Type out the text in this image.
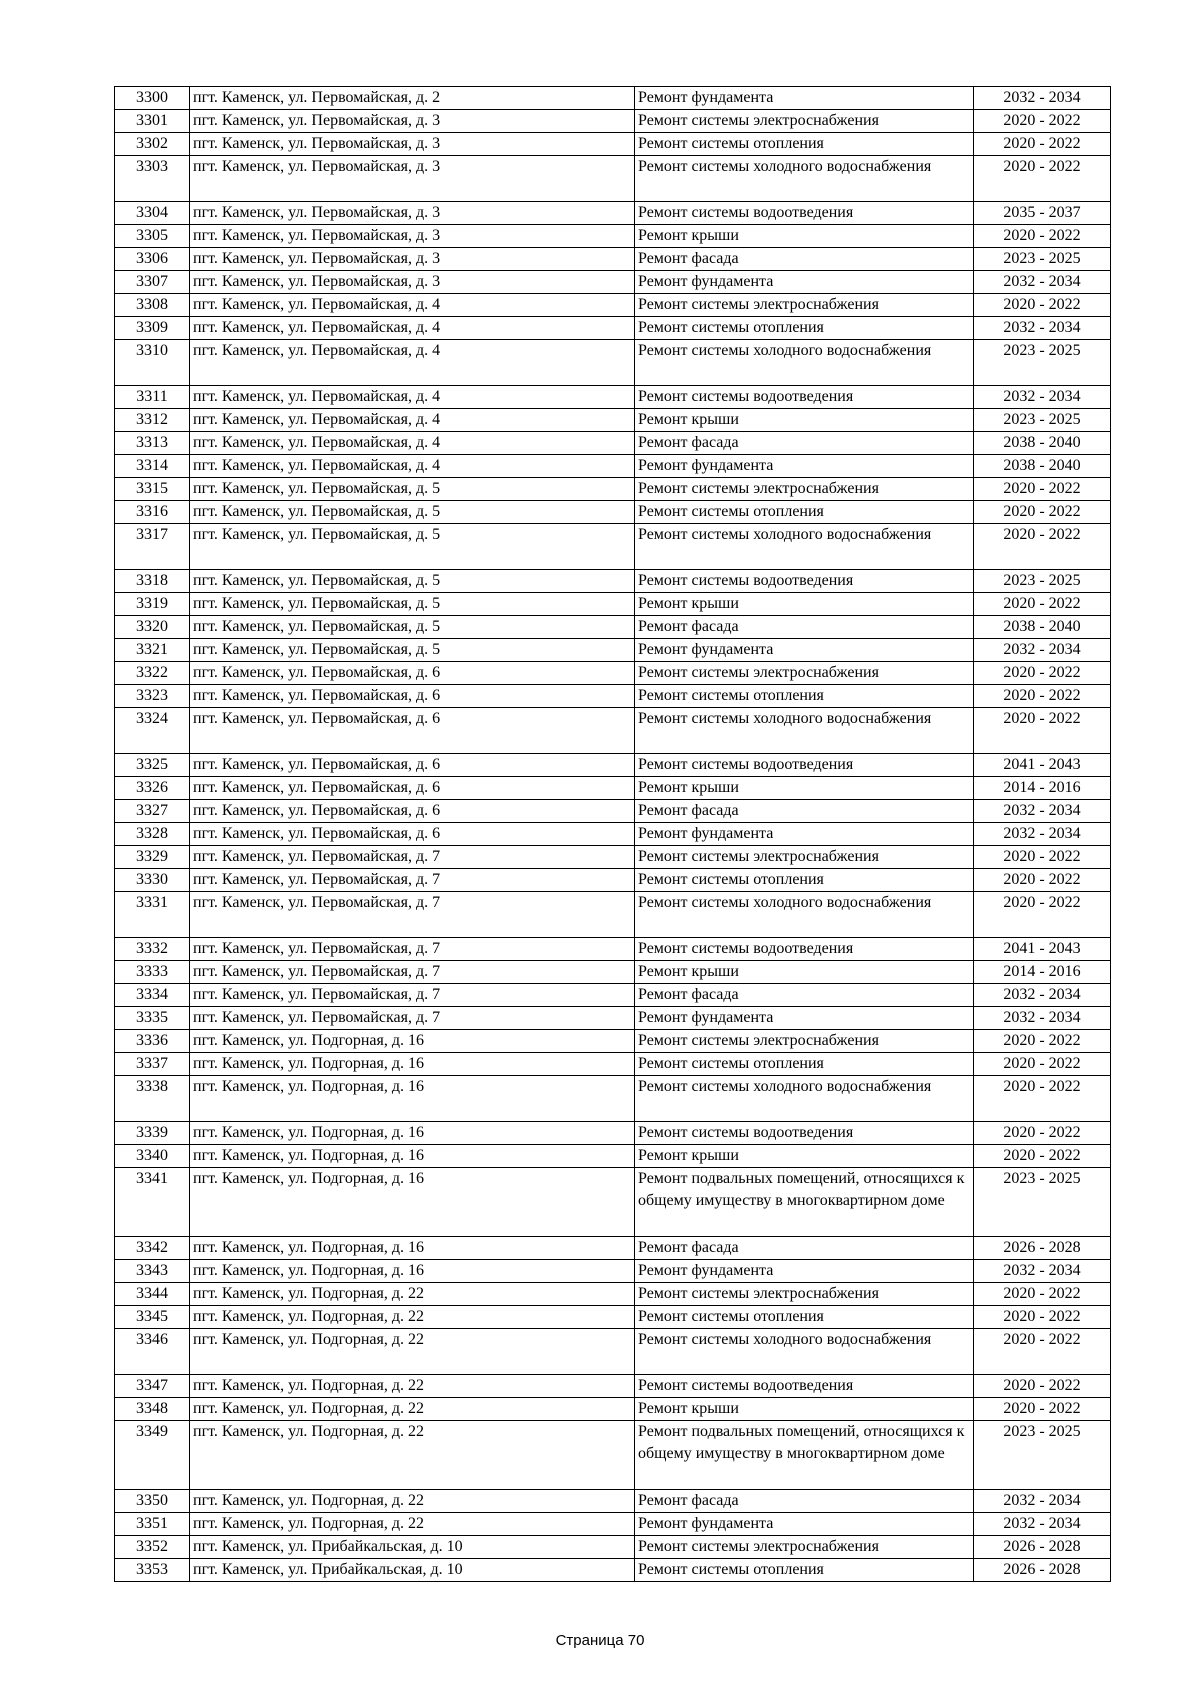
3300	пгт. Каменск, ул. Первомайская, д. 2	Ремонт фундамента	2032 - 2034
3301	пгт. Каменск, ул. Первомайская, д. 3	Ремонт системы электроснабжения	2020 - 2022
3302	пгт. Каменск, ул. Первомайская, д. 3	Ремонт системы отопления	2020 - 2022
3303	пгт. Каменск, ул. Первомайская, д. 3	Ремонт системы холодного водоснабжения	2020 - 2022
3304	пгт. Каменск, ул. Первомайская, д. 3	Ремонт системы водоотведения	2035 - 2037
3305	пгт. Каменск, ул. Первомайская, д. 3	Ремонт крыши	2020 - 2022
3306	пгт. Каменск, ул. Первомайская, д. 3	Ремонт фасада	2023 - 2025
3307	пгт. Каменск, ул. Первомайская, д. 3	Ремонт фундамента	2032 - 2034
3308	пгт. Каменск, ул. Первомайская, д. 4	Ремонт системы электроснабжения	2020 - 2022
3309	пгт. Каменск, ул. Первомайская, д. 4	Ремонт системы отопления	2032 - 2034
3310	пгт. Каменск, ул. Первомайская, д. 4	Ремонт системы холодного водоснабжения	2023 - 2025
3311	пгт. Каменск, ул. Первомайская, д. 4	Ремонт системы водоотведения	2032 - 2034
3312	пгт. Каменск, ул. Первомайская, д. 4	Ремонт крыши	2023 - 2025
3313	пгт. Каменск, ул. Первомайская, д. 4	Ремонт фасада	2038 - 2040
3314	пгт. Каменск, ул. Первомайская, д. 4	Ремонт фундамента	2038 - 2040
3315	пгт. Каменск, ул. Первомайская, д. 5	Ремонт системы электроснабжения	2020 - 2022
3316	пгт. Каменск, ул. Первомайская, д. 5	Ремонт системы отопления	2020 - 2022
3317	пгт. Каменск, ул. Первомайская, д. 5	Ремонт системы холодного водоснабжения	2020 - 2022
3318	пгт. Каменск, ул. Первомайская, д. 5	Ремонт системы водоотведения	2023 - 2025
3319	пгт. Каменск, ул. Первомайская, д. 5	Ремонт крыши	2020 - 2022
3320	пгт. Каменск, ул. Первомайская, д. 5	Ремонт фасада	2038 - 2040
3321	пгт. Каменск, ул. Первомайская, д. 5	Ремонт фундамента	2032 - 2034
3322	пгт. Каменск, ул. Первомайская, д. 6	Ремонт системы электроснабжения	2020 - 2022
3323	пгт. Каменск, ул. Первомайская, д. 6	Ремонт системы отопления	2020 - 2022
3324	пгт. Каменск, ул. Первомайская, д. 6	Ремонт системы холодного водоснабжения	2020 - 2022
3325	пгт. Каменск, ул. Первомайская, д. 6	Ремонт системы водоотведения	2041 - 2043
3326	пгт. Каменск, ул. Первомайская, д. 6	Ремонт крыши	2014 - 2016
3327	пгт. Каменск, ул. Первомайская, д. 6	Ремонт фасада	2032 - 2034
3328	пгт. Каменск, ул. Первомайская, д. 6	Ремонт фундамента	2032 - 2034
3329	пгт. Каменск, ул. Первомайская, д. 7	Ремонт системы электроснабжения	2020 - 2022
3330	пгт. Каменск, ул. Первомайская, д. 7	Ремонт системы отопления	2020 - 2022
3331	пгт. Каменск, ул. Первомайская, д. 7	Ремонт системы холодного водоснабжения	2020 - 2022
3332	пгт. Каменск, ул. Первомайская, д. 7	Ремонт системы водоотведения	2041 - 2043
3333	пгт. Каменск, ул. Первомайская, д. 7	Ремонт крыши	2014 - 2016
3334	пгт. Каменск, ул. Первомайская, д. 7	Ремонт фасада	2032 - 2034
3335	пгт. Каменск, ул. Первомайская, д. 7	Ремонт фундамента	2032 - 2034
3336	пгт. Каменск, ул. Подгорная, д. 16	Ремонт системы электроснабжения	2020 - 2022
3337	пгт. Каменск, ул. Подгорная, д. 16	Ремонт системы отопления	2020 - 2022
3338	пгт. Каменск, ул. Подгорная, д. 16	Ремонт системы холодного водоснабжения	2020 - 2022
3339	пгт. Каменск, ул. Подгорная, д. 16	Ремонт системы водоотведения	2020 - 2022
3340	пгт. Каменск, ул. Подгорная, д. 16	Ремонт крыши	2020 - 2022
3341	пгт. Каменск, ул. Подгорная, д. 16	Ремонт подвальных помещений, относящихся к общему имуществу в многоквартирном доме	2023 - 2025
3342	пгт. Каменск, ул. Подгорная, д. 16	Ремонт фасада	2026 - 2028
3343	пгт. Каменск, ул. Подгорная, д. 16	Ремонт фундамента	2032 - 2034
3344	пгт. Каменск, ул. Подгорная, д. 22	Ремонт системы электроснабжения	2020 - 2022
3345	пгт. Каменск, ул. Подгорная, д. 22	Ремонт системы отопления	2020 - 2022
3346	пгт. Каменск, ул. Подгорная, д. 22	Ремонт системы холодного водоснабжения	2020 - 2022
3347	пгт. Каменск, ул. Подгорная, д. 22	Ремонт системы водоотведения	2020 - 2022
3348	пгт. Каменск, ул. Подгорная, д. 22	Ремонт крыши	2020 - 2022
3349	пгт. Каменск, ул. Подгорная, д. 22	Ремонт подвальных помещений, относящихся к общему имуществу в многоквартирном доме	2023 - 2025
3350	пгт. Каменск, ул. Подгорная, д. 22	Ремонт фасада	2032 - 2034
3351	пгт. Каменск, ул. Подгорная, д. 22	Ремонт фундамента	2032 - 2034
3352	пгт. Каменск, ул. Прибайкальская, д. 10	Ремонт системы электроснабжения	2026 - 2028
3353	пгт. Каменск, ул. Прибайкальская, д. 10	Ремонт системы отопления	2026 - 2028
Страница 70
